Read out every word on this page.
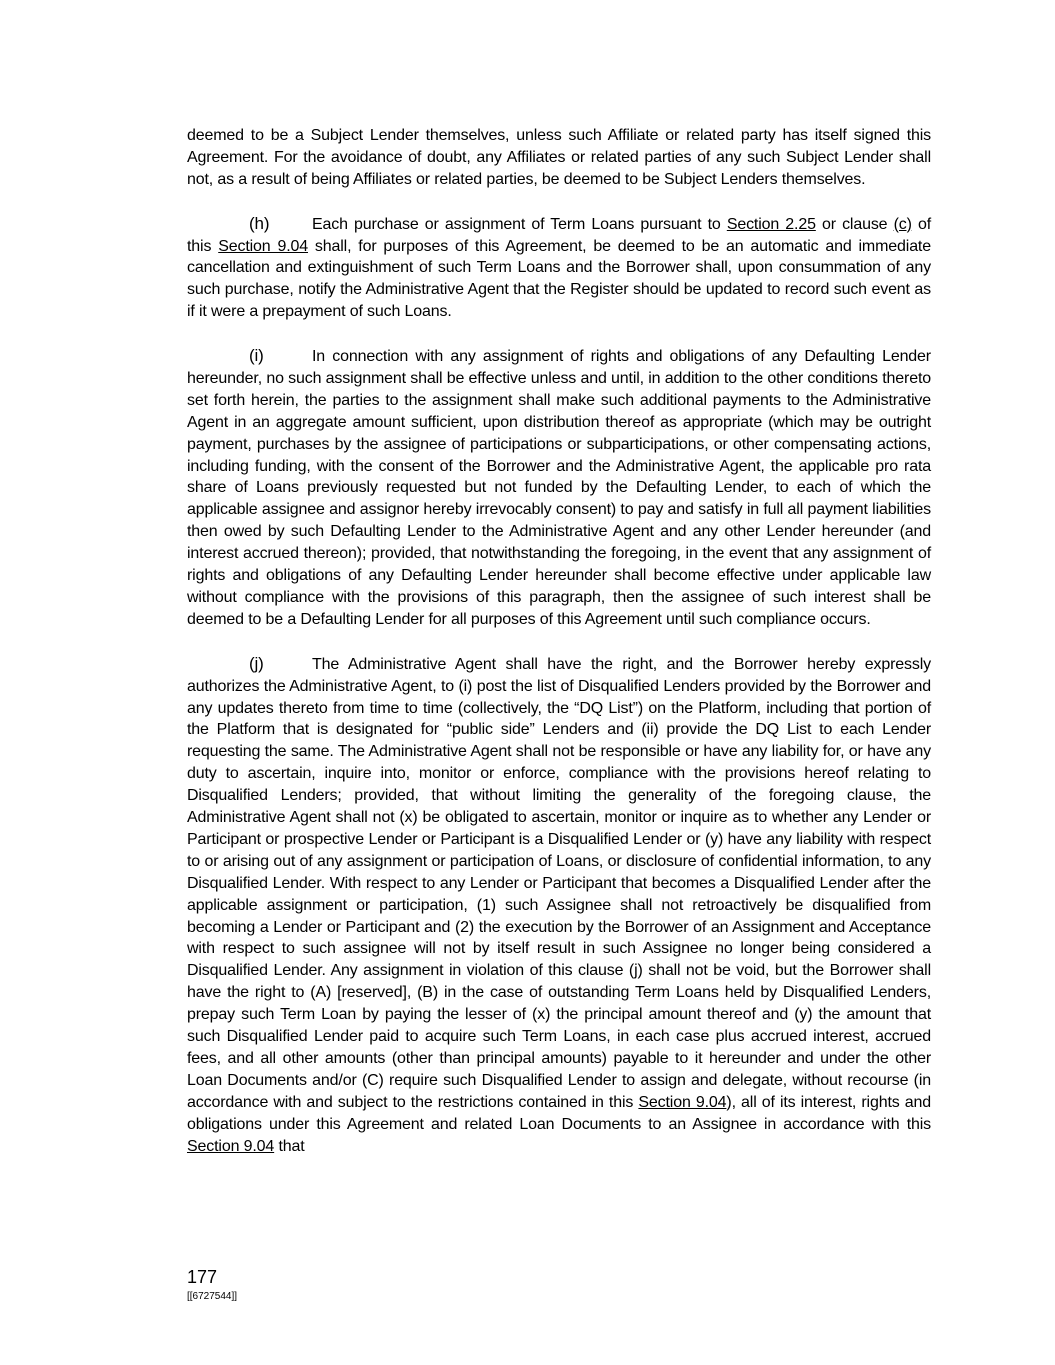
deemed to be a Subject Lender themselves, unless such Affiliate or related party has itself signed this Agreement. For the avoidance of doubt, any Affiliates or related parties of any such Subject Lender shall not, as a result of being Affiliates or related parties, be deemed to be Subject Lenders themselves.

(h)	Each purchase or assignment of Term Loans pursuant to Section 2.25 or clause (c) of this Section 9.04 shall, for purposes of this Agreement, be deemed to be an automatic and immediate cancellation and extinguishment of such Term Loans and the Borrower shall, upon consummation of any such purchase, notify the Administrative Agent that the Register should be updated to record such event as if it were a prepayment of such Loans.

(i)	In connection with any assignment of rights and obligations of any Defaulting Lender hereunder, no such assignment shall be effective unless and until, in addition to the other conditions thereto set forth herein, the parties to the assignment shall make such additional payments to the Administrative Agent in an aggregate amount sufficient, upon distribution thereof as appropriate (which may be outright payment, purchases by the assignee of participations or subparticipations, or other compensating actions, including funding, with the consent of the Borrower and the Administrative Agent, the applicable pro rata share of Loans previously requested but not funded by the Defaulting Lender, to each of which the applicable assignee and assignor hereby irrevocably consent) to pay and satisfy in full all payment liabilities then owed by such Defaulting Lender to the Administrative Agent and any other Lender hereunder (and interest accrued thereon); provided, that notwithstanding the foregoing, in the event that any assignment of rights and obligations of any Defaulting Lender hereunder shall become effective under applicable law without compliance with the provisions of this paragraph, then the assignee of such interest shall be deemed to be a Defaulting Lender for all purposes of this Agreement until such compliance occurs.

(j)	The Administrative Agent shall have the right, and the Borrower hereby expressly authorizes the Administrative Agent, to (i) post the list of Disqualified Lenders provided by the Borrower and any updates thereto from time to time (collectively, the “DQ List”) on the Platform, including that portion of the Platform that is designated for “public side” Lenders and (ii) provide the DQ List to each Lender requesting the same. The Administrative Agent shall not be responsible or have any liability for, or have any duty to ascertain, inquire into, monitor or enforce, compliance with the provisions hereof relating to Disqualified Lenders; provided, that without limiting the generality of the foregoing clause, the Administrative Agent shall not (x) be obligated to ascertain, monitor or inquire as to whether any Lender or Participant or prospective Lender or Participant is a Disqualified Lender or (y) have any liability with respect to or arising out of any assignment or participation of Loans, or disclosure of confidential information, to any Disqualified Lender. With respect to any Lender or Participant that becomes a Disqualified Lender after the applicable assignment or participation, (1) such Assignee shall not retroactively be disqualified from becoming a Lender or Participant and (2) the execution by the Borrower of an Assignment and Acceptance with respect to such assignee will not by itself result in such Assignee no longer being considered a Disqualified Lender. Any assignment in violation of this clause (j) shall not be void, but the Borrower shall have the right to (A) [reserved], (B) in the case of outstanding Term Loans held by Disqualified Lenders, prepay such Term Loan by paying the lesser of (x) the principal amount thereof and (y) the amount that such Disqualified Lender paid to acquire such Term Loans, in each case plus accrued interest, accrued fees, and all other amounts (other than principal amounts) payable to it hereunder and under the other Loan Documents and/or (C) require such Disqualified Lender to assign and delegate, without recourse (in accordance with and subject to the restrictions contained in this Section 9.04), all of its interest, rights and obligations under this Agreement and related Loan Documents to an Assignee in accordance with this Section 9.04 that

177
[[6727544]]
